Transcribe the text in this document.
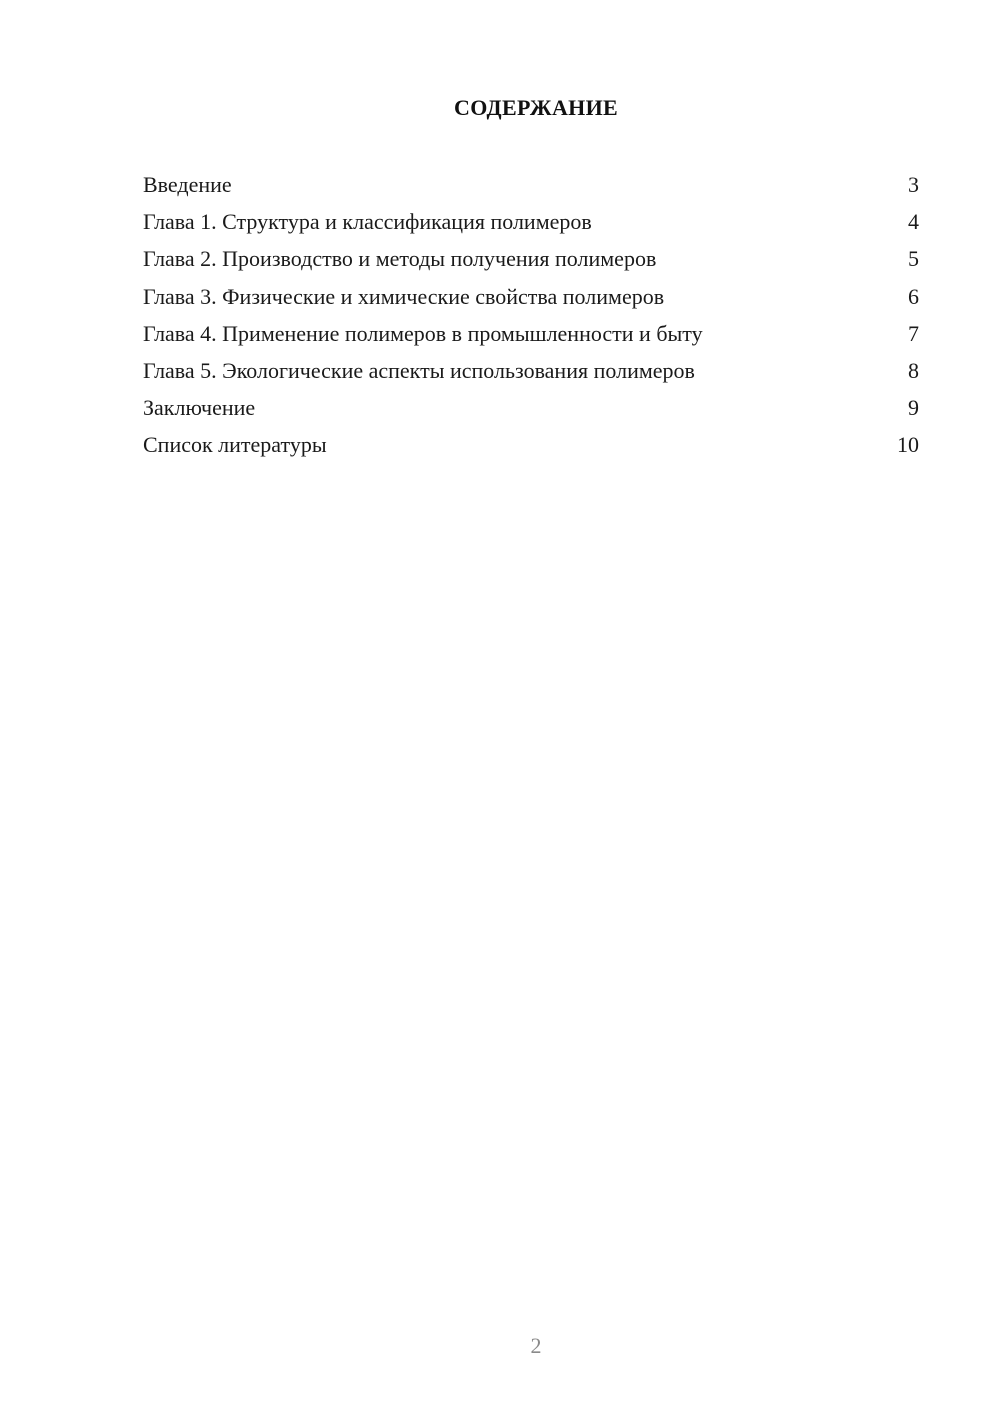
СОДЕРЖАНИЕ
Введение	3
Глава 1. Структура и классификация полимеров	4
Глава 2. Производство и методы получения полимеров	5
Глава 3. Физические и химические свойства полимеров	6
Глава 4. Применение полимеров в промышленности и быту	7
Глава 5. Экологические аспекты использования полимеров	8
Заключение	9
Список литературы	10
2
